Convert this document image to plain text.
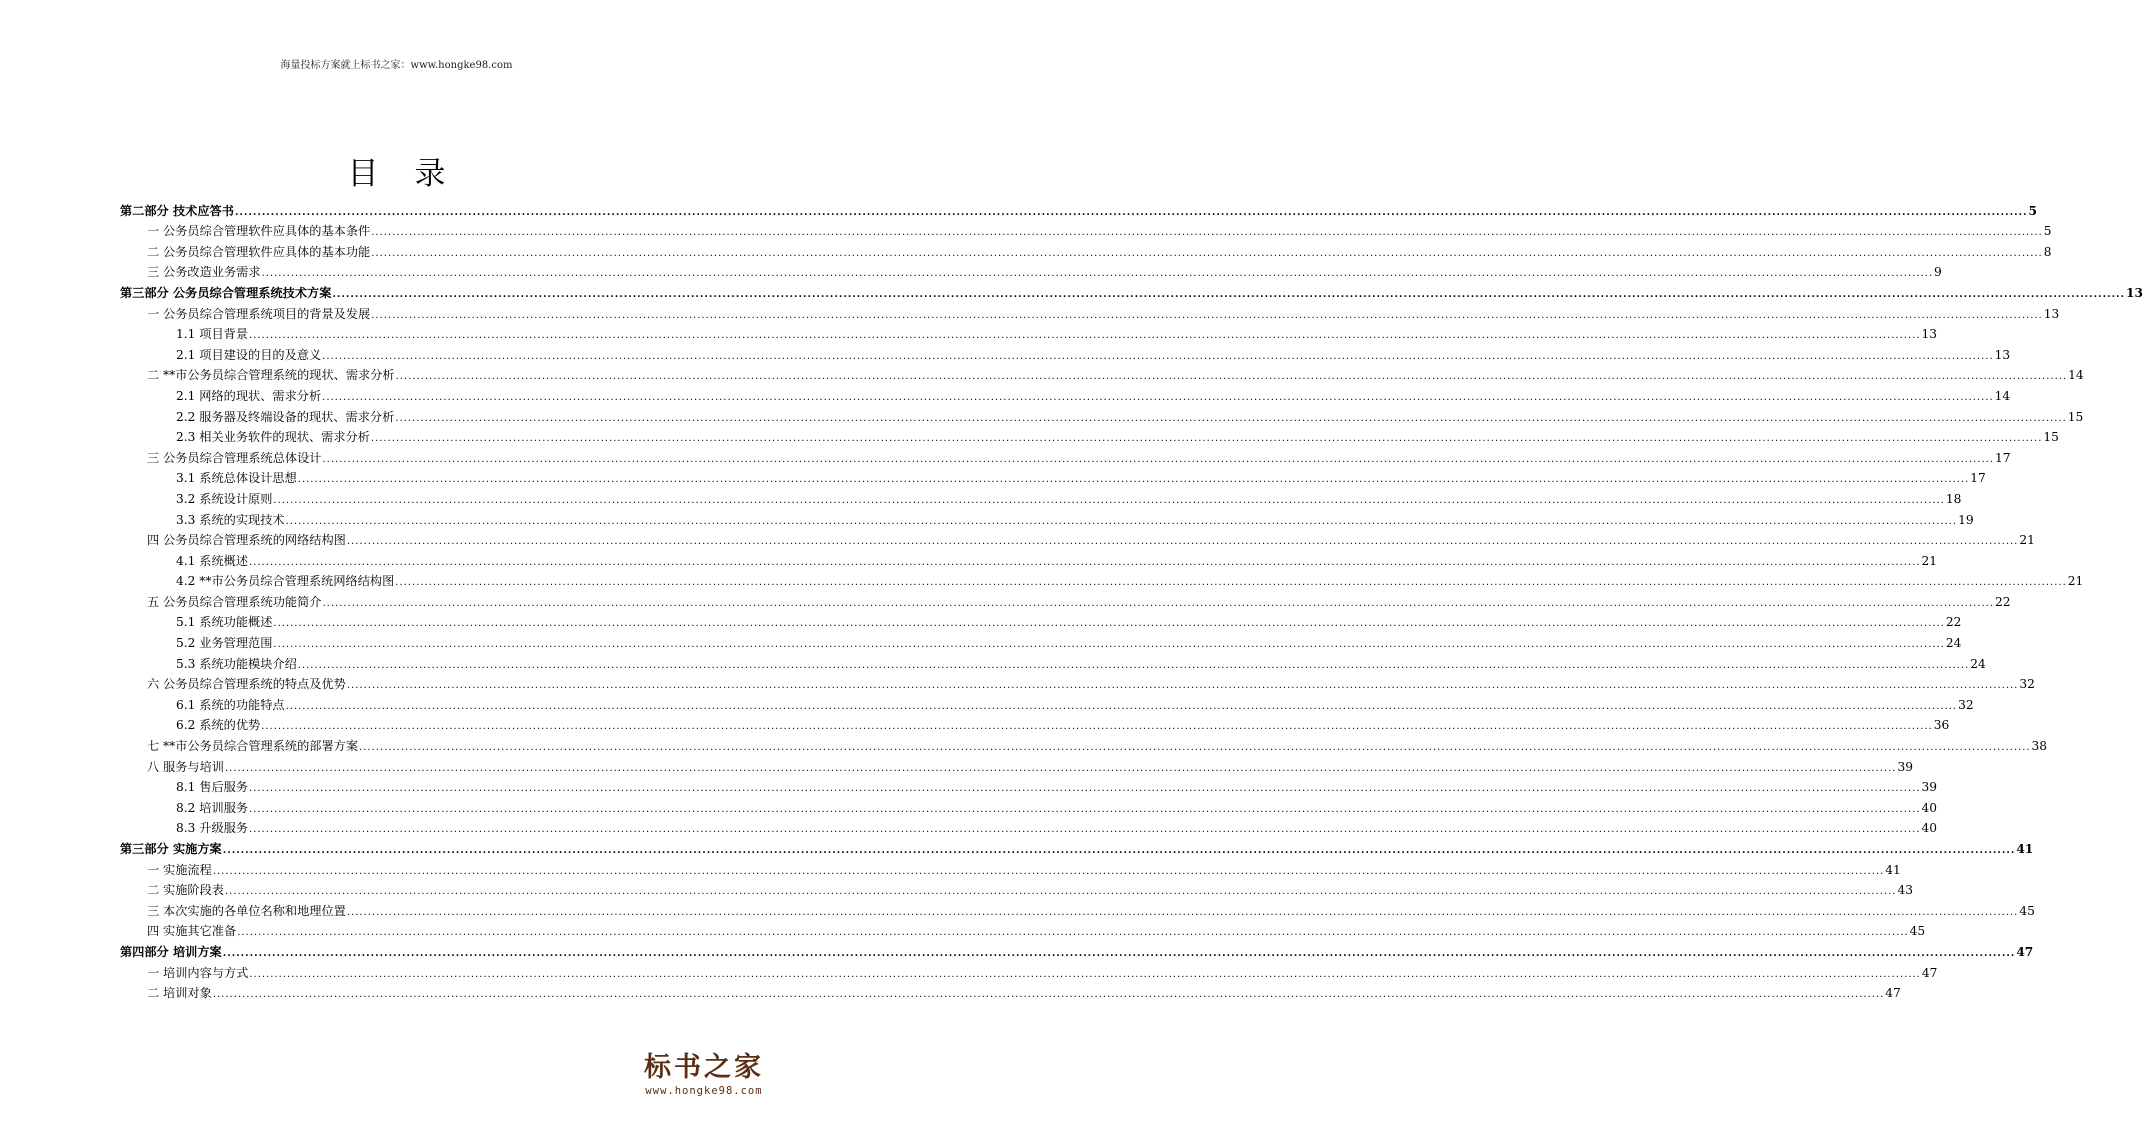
海量投标方案就上标书之家：www.hongke98.com
目录
第二部分 技术应答书 ................................................................................................................................................................................................................................................................................................................................................................................................................ 5
一 公务员综合管理软件应具体的基本条件 ................................................................................................................................................................................................................................................................................................................................................................................................................ 5
二 公务员综合管理软件应具体的基本功能 ................................................................................................................................................................................................................................................................................................................................................................................................................ 8
三 公务改造业务需求 ................................................................................................................................................................................................................................................................................................................................................................................................................ 9
第三部分 公务员综合管理系统技术方案 ................................................................................................................................................................................................................................................................................................................................................................................................................ 13
一 公务员综合管理系统项目的背景及发展 ................................................................................................................................................................................................................................................................................................................................................................................................................ 13
1.1 项目背景 ................................................................................................................................................................................................................................................................................................................................................................................................................ 13
2.1 项目建设的目的及意义 ................................................................................................................................................................................................................................................................................................................................................................................................................ 13
二 **市公务员综合管理系统的现状、需求分析 ................................................................................................................................................................................................................................................................................................................................................................................................................ 14
2.1 网络的现状、需求分析 ................................................................................................................................................................................................................................................................................................................................................................................................................ 14
2.2 服务器及终端设备的现状、需求分析 ................................................................................................................................................................................................................................................................................................................................................................................................................ 15
2.3 相关业务软件的现状、需求分析 ................................................................................................................................................................................................................................................................................................................................................................................................................ 15
三 公务员综合管理系统总体设计 ................................................................................................................................................................................................................................................................................................................................................................................................................ 17
3.1 系统总体设计思想 ................................................................................................................................................................................................................................................................................................................................................................................................................ 17
3.2 系统设计原则 ................................................................................................................................................................................................................................................................................................................................................................................................................ 18
3.3 系统的实现技术 ................................................................................................................................................................................................................................................................................................................................................................................................................ 19
四 公务员综合管理系统的网络结构图 ................................................................................................................................................................................................................................................................................................................................................................................................................ 21
4.1 系统概述 ................................................................................................................................................................................................................................................................................................................................................................................................................ 21
4.2 **市公务员综合管理系统网络结构图 ................................................................................................................................................................................................................................................................................................................................................................................................................ 21
五 公务员综合管理系统功能简介 ................................................................................................................................................................................................................................................................................................................................................................................................................ 22
5.1 系统功能概述 ................................................................................................................................................................................................................................................................................................................................................................................................................ 22
5.2 业务管理范围 ................................................................................................................................................................................................................................................................................................................................................................................................................ 24
5.3 系统功能模块介绍 ................................................................................................................................................................................................................................................................................................................................................................................................................ 24
六 公务员综合管理系统的特点及优势 ................................................................................................................................................................................................................................................................................................................................................................................................................ 32
6.1 系统的功能特点 ................................................................................................................................................................................................................................................................................................................................................................................................................ 32
6.2 系统的优势 ................................................................................................................................................................................................................................................................................................................................................................................................................ 36
七 **市公务员综合管理系统的部署方案 ................................................................................................................................................................................................................................................................................................................................................................................................................ 38
八 服务与培训 ................................................................................................................................................................................................................................................................................................................................................................................................................ 39
8.1 售后服务 ................................................................................................................................................................................................................................................................................................................................................................................................................ 39
8.2 培训服务 ................................................................................................................................................................................................................................................................................................................................................................................................................ 40
8.3 升级服务 ................................................................................................................................................................................................................................................................................................................................................................................................................ 40
第三部分 实施方案 ................................................................................................................................................................................................................................................................................................................................................................................................................ 41
一 实施流程 ................................................................................................................................................................................................................................................................................................................................................................................................................ 41
二 实施阶段表 ................................................................................................................................................................................................................................................................................................................................................................................................................ 43
三 本次实施的各单位名称和地理位置 ................................................................................................................................................................................................................................................................................................................................................................................................................ 45
四 实施其它准备 ................................................................................................................................................................................................................................................................................................................................................................................................................ 45
第四部分 培训方案 ................................................................................................................................................................................................................................................................................................................................................................................................................ 47
一 培训内容与方式 ................................................................................................................................................................................................................................................................................................................................................................................................................ 47
二 培训对象 ................................................................................................................................................................................................................................................................................................................................................................................................................ 47
标书之家
www.hongke98.com
